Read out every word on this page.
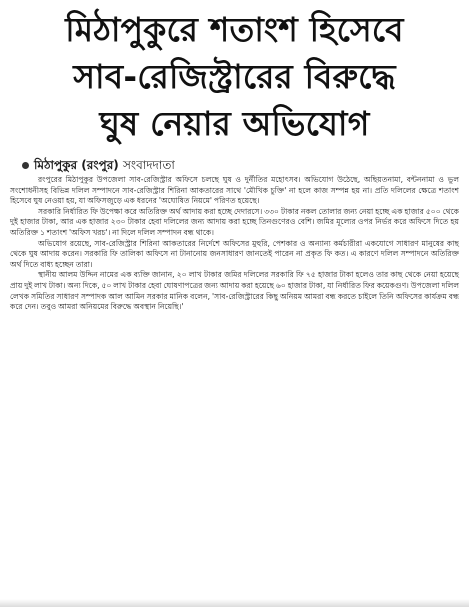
মিঠাপুকুরে শতাংশ হিসেবে
সাব-রেজিস্ট্রারের বিরুদ্ধে
ঘুষ নেয়ার অভিযোগ
মিঠাপুকুর (রংপুর)
সংবাদদাতা

রংপুরের মিঠাপুকুর উপজেলা সাব-রেজিস্ট্রার অফিসে চলছে ঘুষ ও দুর্নীতির মহোৎসব। অভিযোগ উঠেছে, অছিয়তনামা, বন্টননামা ও ভুল সংশোধনীসহ বিভিন্ন দলিল সম্পাদনে সাব-রেজিস্ট্রার শিরিনা আকতারের সাথে 'মৌখিক চুক্তি' না হলে কাজ সম্পন্ন হয় না। প্রতি দলিলের ক্ষেত্রে শতাংশ হিসেবে ঘুষ নেওয়া হয়, যা অফিসজুড়ে এক ধরনের 'অঘোষিত নিয়মে' পরিণত হয়েছে।

সরকারি নির্ধারিত ফি উপেক্ষা করে অতিরিক্ত অর্থ আদায় করা হচ্ছে দেদারসে। ৩৩০ টাকার নকল তোলার জন্য নেয়া হচ্ছে এক হাজার ৫০০ থেকে দুই হাজার টাকা, আর এক হাজার ২৩০ টাকার হেবা দলিলের জন্য আদায় করা হচ্ছে তিনগুণেরও বেশি। জমির মূল্যের ওপর নির্ভর করে অফিসে দিতে হয় অতিরিক্ত ১ শতাংশ 'অফিস খরচ'। না দিলে দলিল সম্পাদন বন্ধ থাকে।

অভিযোগ রয়েছে, সাব-রেজিস্ট্রার শিরিনা আকতারের নির্দেশে অফিসের মুহুরি, পেশকার ও অন্যান্য কর্মচারীরা একযোগে সাধারণ মানুষের কাছ থেকে ঘুষ আদায় করেন। সরকারি ফি তালিকা অফিসে না টানানোয় জনসাধারণ জানতেই পারেন না প্রকৃত ফি কত। এ কারণে দলিল সম্পাদনে অতিরিক্ত অর্থ দিতে বাধ্য হচ্ছেন তারা।

স্থানীয় আলম উদ্দিন নামের এক ব্যক্তি জানান, ২০ লাখ টাকার জমির দলিলের সরকারি ফি ৭৫ হাজার টাকা হলেও তার কাছ থেকে নেয়া হয়েছে প্রায় দুই লাখ টাকা। অন্য দিকে, ৫০ লাখ টাকার হেবা ঘোষণাপত্রের জন্য আদায় করা হয়েছে ৬০ হাজার টাকা, যা নির্ধারিত ফির কয়েকগুণ। উপজেলা দলিল লেখক সমিতির সাধারণ সম্পাদক আল আমিন সরকার মানিক বলেন, 'সাব-রেজিস্ট্রারের কিছু অনিয়ম আমরা বন্ধ করতে চাইলে তিনি অফিসের কার্যক্রম বন্ধ করে দেন। তবুও আমরা অনিয়মের বিরুদ্ধে অবস্থান নিয়েছি।'
